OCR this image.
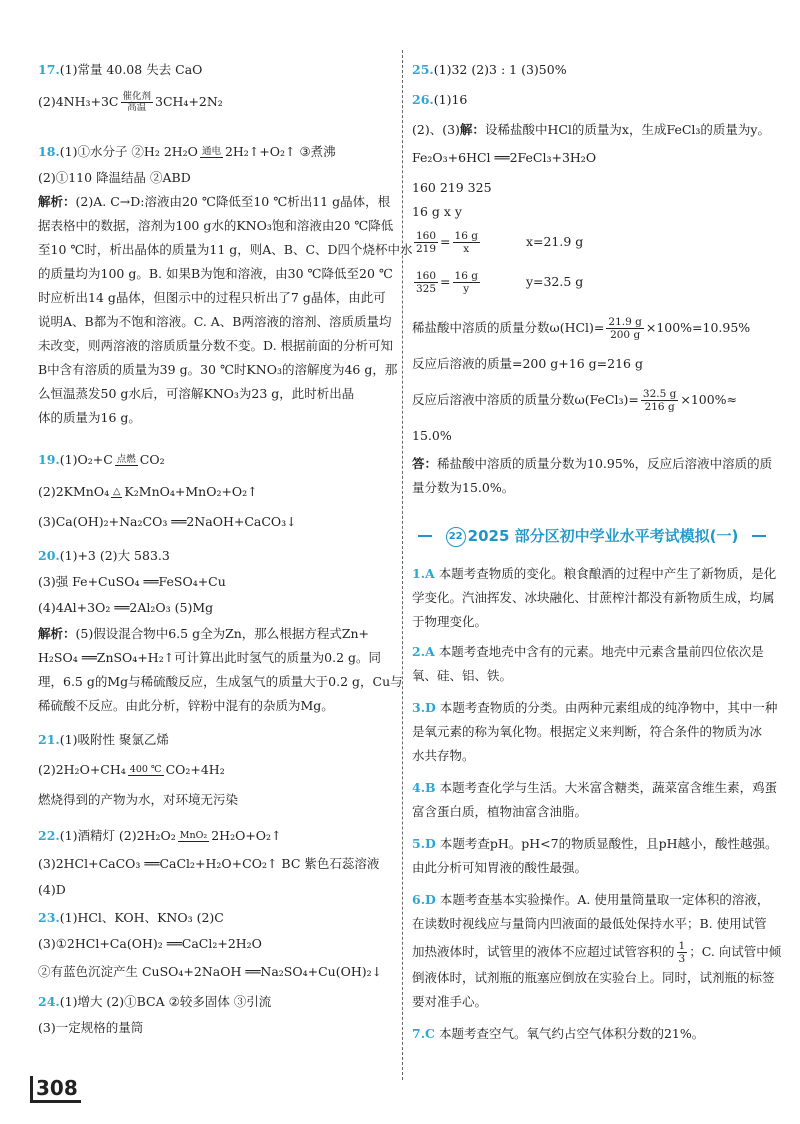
17.(1)常量 40.08 失去 CaO
(2)4NH₃+3C 催化剂
高温 3CH₄+2N₂
18.(1)①水分子 ②H₂ 2H₂O 通电 2H₂↑+O₂↑ ③煮沸
(2)①110 降温结晶 ②ABD
解析：(2)A. C→D:溶液由20 ℃降低至10 ℃析出11 g晶体，根
据表格中的数据，溶剂为100 g水的KNO₃饱和溶液由20 ℃降低
至10 ℃时，析出晶体的质量为11 g，则A、B、C、D四个烧杯中水
的质量均为100 g。B. 如果B为饱和溶液，由30 ℃降低至20 ℃
时应析出14 g晶体，但图示中的过程只析出了7 g晶体，由此可
说明A、B都为不饱和溶液。C. A、B两溶液的溶剂、溶质质量均
未改变，则两溶液的溶质质量分数不变。D. 根据前面的分析可知
B中含有溶质的质量为39 g。30 ℃时KNO₃的溶解度为46 g，那
么恒温蒸发50 g水后，可溶解KNO₃为23 g，此时析出晶
体的质量为16 g。
19.(1)O₂+C 点燃 CO₂
(2)2KMnO₄ △ K₂MnO₄+MnO₂+O₂↑
(3)Ca(OH)₂+Na₂CO₃ ══2NaOH+CaCO₃↓
20.(1)+3 (2)大 583.3
(3)强 Fe+CuSO₄ ══FeSO₄+Cu
(4)4Al+3O₂ ══2Al₂O₃ (5)Mg
解析：(5)假设混合物中6.5 g全为Zn，那么根据方程式Zn+
H₂SO₄ ══ZnSO₄+H₂↑可计算出此时氢气的质量为0.2 g。同
理，6.5 g的Mg与稀硫酸反应，生成氢气的质量大于0.2 g，Cu与
稀硫酸不反应。由此分析，锌粉中混有的杂质为Mg。
21.(1)吸附性 聚氯乙烯
(2)2H₂O+CH₄ 400 ℃ CO₂+4H₂
燃烧得到的产物为水，对环境无污染
22.(1)酒精灯 (2)2H₂O₂ MnO₂ 2H₂O+O₂↑
(3)2HCl+CaCO₃ ══CaCl₂+H₂O+CO₂↑ BC 紫色石蕊溶液
(4)D
23.(1)HCl、KOH、KNO₃ (2)C
(3)①2HCl+Ca(OH)₂ ══CaCl₂+2H₂O
②有蓝色沉淀产生 CuSO₄+2NaOH ══Na₂SO₄+Cu(OH)₂↓
24.(1)增大 (2)①BCA ②较多固体 ③引流
(3)一定规格的量筒
25.(1)32 (2)3 : 1 (3)50%
26.(1)16
(2)、(3)解：设稀盐酸中HCl的质量为x，生成FeCl₃的质量为y。
Fe₂O₃+6HCl ══2FeCl₃+3H₂O
160 219 325
16 g x y
$\frac{160}{219} = \frac{16 g}{x}$	x=21.9 g
$\frac{160}{325} = \frac{16 g}{y}$	y=32.5 g
稀盐酸中溶质的质量分数$\omega(HCl)= \frac{21.9 g}{200 g} \times 100\%=10.95\%$
反应后溶液的质量=200 g+16 g=216 g
反应后溶液中溶质的质量分数ω(FeCl₃)= $\frac{32.5 g}{216 g} \times 100\%\approx$
15.0%
答：稀盐酸中溶质的质量分数为10.95%，反应后溶液中溶质的质
量分数为15.0%。
22 2025 部分区初中学业水平考试模拟(一)
1.A 本题考查物质的变化。粮食酿酒的过程中产生了新物质，是化
学变化。汽油挥发、冰块融化、甘蔗榨汁都没有新物质生成，均属
于物理变化。
2.A 本题考查地壳中含有的元素。地壳中元素含量前四位依次是
氧、硅、铝、铁。
3.D 本题考查物质的分类。由两种元素组成的纯净物中，其中一种
是氧元素的称为氧化物。根据定义来判断，符合条件的物质为冰
水共存物。
4.B 本题考查化学与生活。大米富含糖类，蔬菜富含维生素，鸡蛋
富含蛋白质，植物油富含油脂。
5.D 本题考查pH。pH<7的物质显酸性，且pH越小，酸性越强。
由此分析可知胃液的酸性最强。
6.D 本题考查基本实验操作。A. 使用量筒量取一定体积的溶液，
在读数时视线应与量筒内凹液面的最低处保持水平；B. 使用试管
加热液体时，试管里的液体不应超过试管容积的 $\frac{1}{3}$ ；C. 向试管中倾
倒液体时，试剂瓶的瓶塞应倒放在实验台上。同时，试剂瓶的标签
要对准手心。
7.C 本题考查空气。氧气约占空气体积分数的21%。
308
